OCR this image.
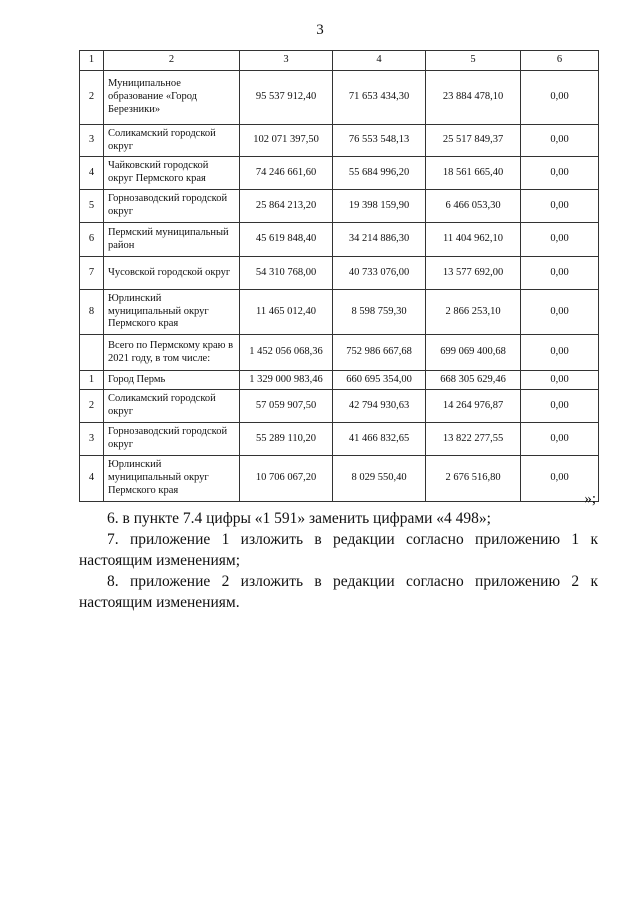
3
1	2	3	4	5	6
2	Муниципальное образование «Город Березники»	95 537 912,40	71 653 434,30	23 884 478,10	0,00
3	Соликамский городской округ	102 071 397,50	76 553 548,13	25 517 849,37	0,00
4	Чайковский городской округ Пермского края	74 246 661,60	55 684 996,20	18 561 665,40	0,00
5	Горнозаводский городской округ	25 864 213,20	19 398 159,90	6 466 053,30	0,00
6	Пермский муниципальный район	45 619 848,40	34 214 886,30	11 404 962,10	0,00
7	Чусовской городской округ	54 310 768,00	40 733 076,00	13 577 692,00	0,00
8	Юрлинский муниципальный округ Пермского края	11 465 012,40	8 598 759,30	2 866 253,10	0,00
	Всего по Пермскому краю в 2021 году, в том числе:	1 452 056 068,36	752 986 667,68	699 069 400,68	0,00
1	Город Пермь	1 329 000 983,46	660 695 354,00	668 305 629,46	0,00
2	Соликамский городской округ	57 059 907,50	42 794 930,63	14 264 976,87	0,00
3	Горнозаводский городской округ	55 289 110,20	41 466 832,65	13 822 277,55	0,00
4	Юрлинский муниципальный округ Пермского края	10 706 067,20	8 029 550,40	2 676 516,80	0,00
»;
6. в пункте 7.4 цифры «1 591» заменить цифрами «4 498»;
7. приложение 1 изложить в редакции согласно приложению 1 к настоящим изменениям;
8. приложение 2 изложить в редакции согласно приложению 2 к настоящим изменениям.
